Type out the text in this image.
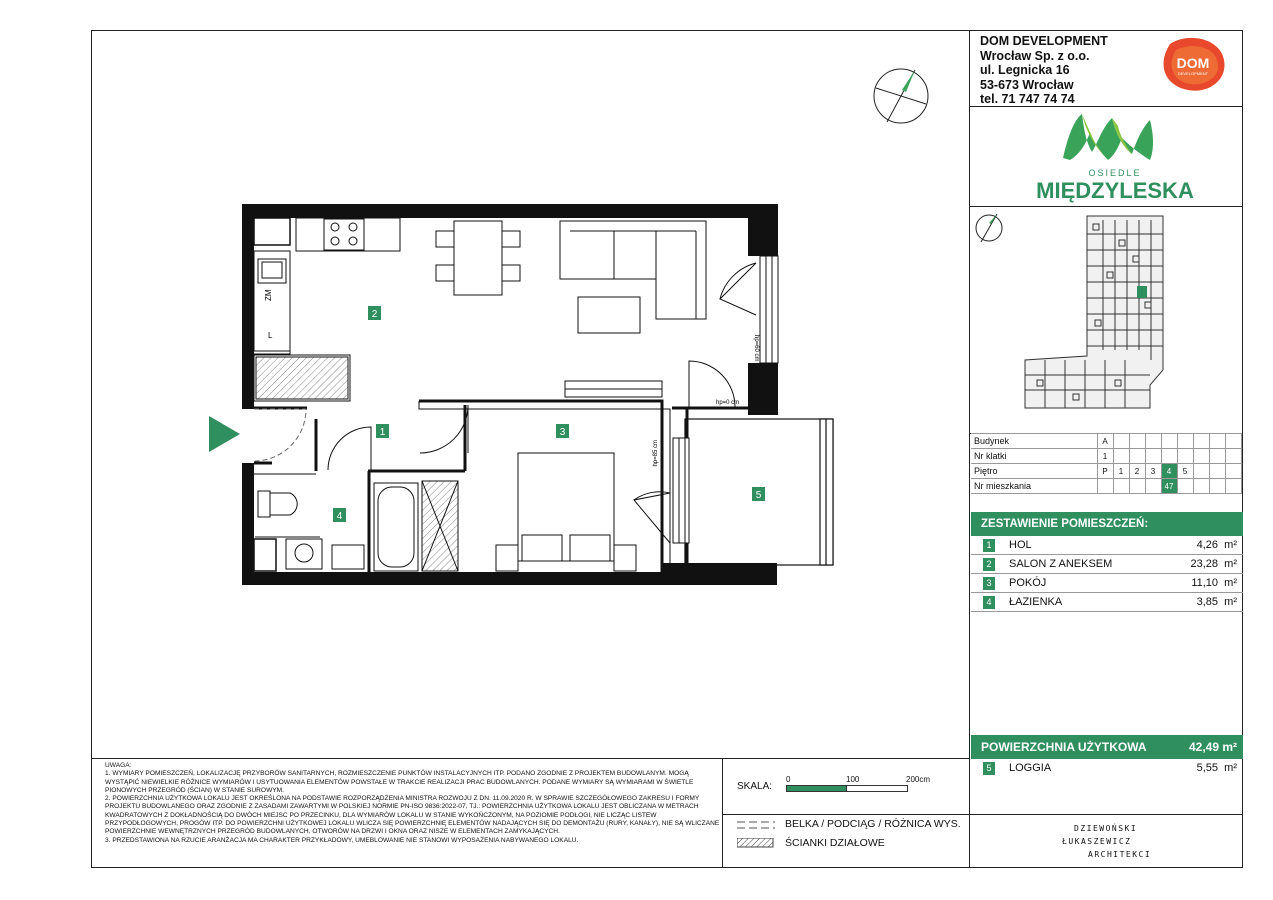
DOM DEVELOPMENT
Wrocław Sp. z o.o.
ul. Legnicka 16
53-673 Wrocław
tel. 71 747 74 74
DOM
DEVELOPMENT
OSIEDLE
MIĘDZYLESKA
Budynek	A								
Nr klatki	1								
Piętro	P	1	2	3	4	5			
Nr mieszkania					47				
ZESTAWIENIE POMIESZCZEŃ:
1	HOL	4,26 m²
2	SALON Z ANEKSEM	23,28 m²
3	POKÓJ	11,10 m²
4	ŁAZIENKA	3,85 m²
POWIERZCHNIA UŻYTKOWA	42,49 m²
5	LOGGIA	5,55 m²

UWAGA:

1. WYMIARY POMIESZCZEŃ, LOKALIZACJĘ PRZYBORÓW SANITARNYCH, ROZMIESZCZENIE PUNKTÓW INSTALACYJNYCH ITP. PODANO ZGODNIE Z PROJEKTEM BUDOWLANYM. MOGĄ WYSTĄPIĆ NIEWIELKIE RÓŻNICE WYMIARÓW I USYTUOWANIA ELEMENTÓW POWSTAŁE W TRAKCIE REALIZACJI PRAC BUDOWLANYCH. PODANE WYMIARY SĄ WYMIARAMI W ŚWIETLE PIONOWYCH PRZEGRÓD (ŚCIAN) W STANIE SUROWYM.

2. POWIERZCHNIA UŻYTKOWA LOKALU JEST OKREŚLONA NA PODSTAWIE ROZPORZĄDZENIA MINISTRA ROZWOJU Z DN. 11.09.2020 R. W SPRAWIE SZCZEGÓŁOWEGO ZAKRESU I FORMY PROJEKTU BUDOWLANEGO ORAZ ZGODNIE Z ZASADAMI ZAWARTYMI W POLSKIEJ NORMIE PN-ISO 9836:2022-07, TJ.: POWIERZCHNIA UŻYTKOWA LOKALU JEST OBLICZANA W METRACH KWADRATOWYCH Z DOKŁADNOŚCIĄ DO DWÓCH MIEJSC PO PRZECINKU, DLA WYMIARÓW LOKALU W STANIE WYKOŃCZONYM, NA POZIOMIE PODŁOGI, NIE LICZĄC LISTEW PRZYPODŁOGOWYCH, PROGÓW ITP. DO POWIERZCHNI UŻYTKOWEJ LOKALU WLICZA SIĘ POWIERZCHNIĘ ELEMENTÓW NADAJĄCYCH SIĘ DO DEMONTAŻU (RURY, KANAŁY), NIE SĄ WLICZANE POWIERZCHNIE WEWNĘTRZNYCH PRZEGRÓD BUDOWLANYCH, OTWORÓW NA DRZWI I OKNA ORAZ NISZE W ELEMENTACH ZAMYKAJĄCYCH.

3. PRZEDSTAWIONA NA RZUCIE ARANŻACJA MA CHARAKTER PRZYKŁADOWY, UMEBLOWANIE NIE STANOWI WYPOSAŻENIA NABYWANEGO LOKALU.

SKALA:
0	100	200cm
BELKA / PODCIĄG / RÓŻNICA WYS.
ŚCIANKI DZIAŁOWE
DZIEWOŃSKI
ŁUKASZEWICZ
ARCHITEKCI
ZM
L
1
2
3
4
5
hp=0 cm
hp=60 cm
hp=85 cm
